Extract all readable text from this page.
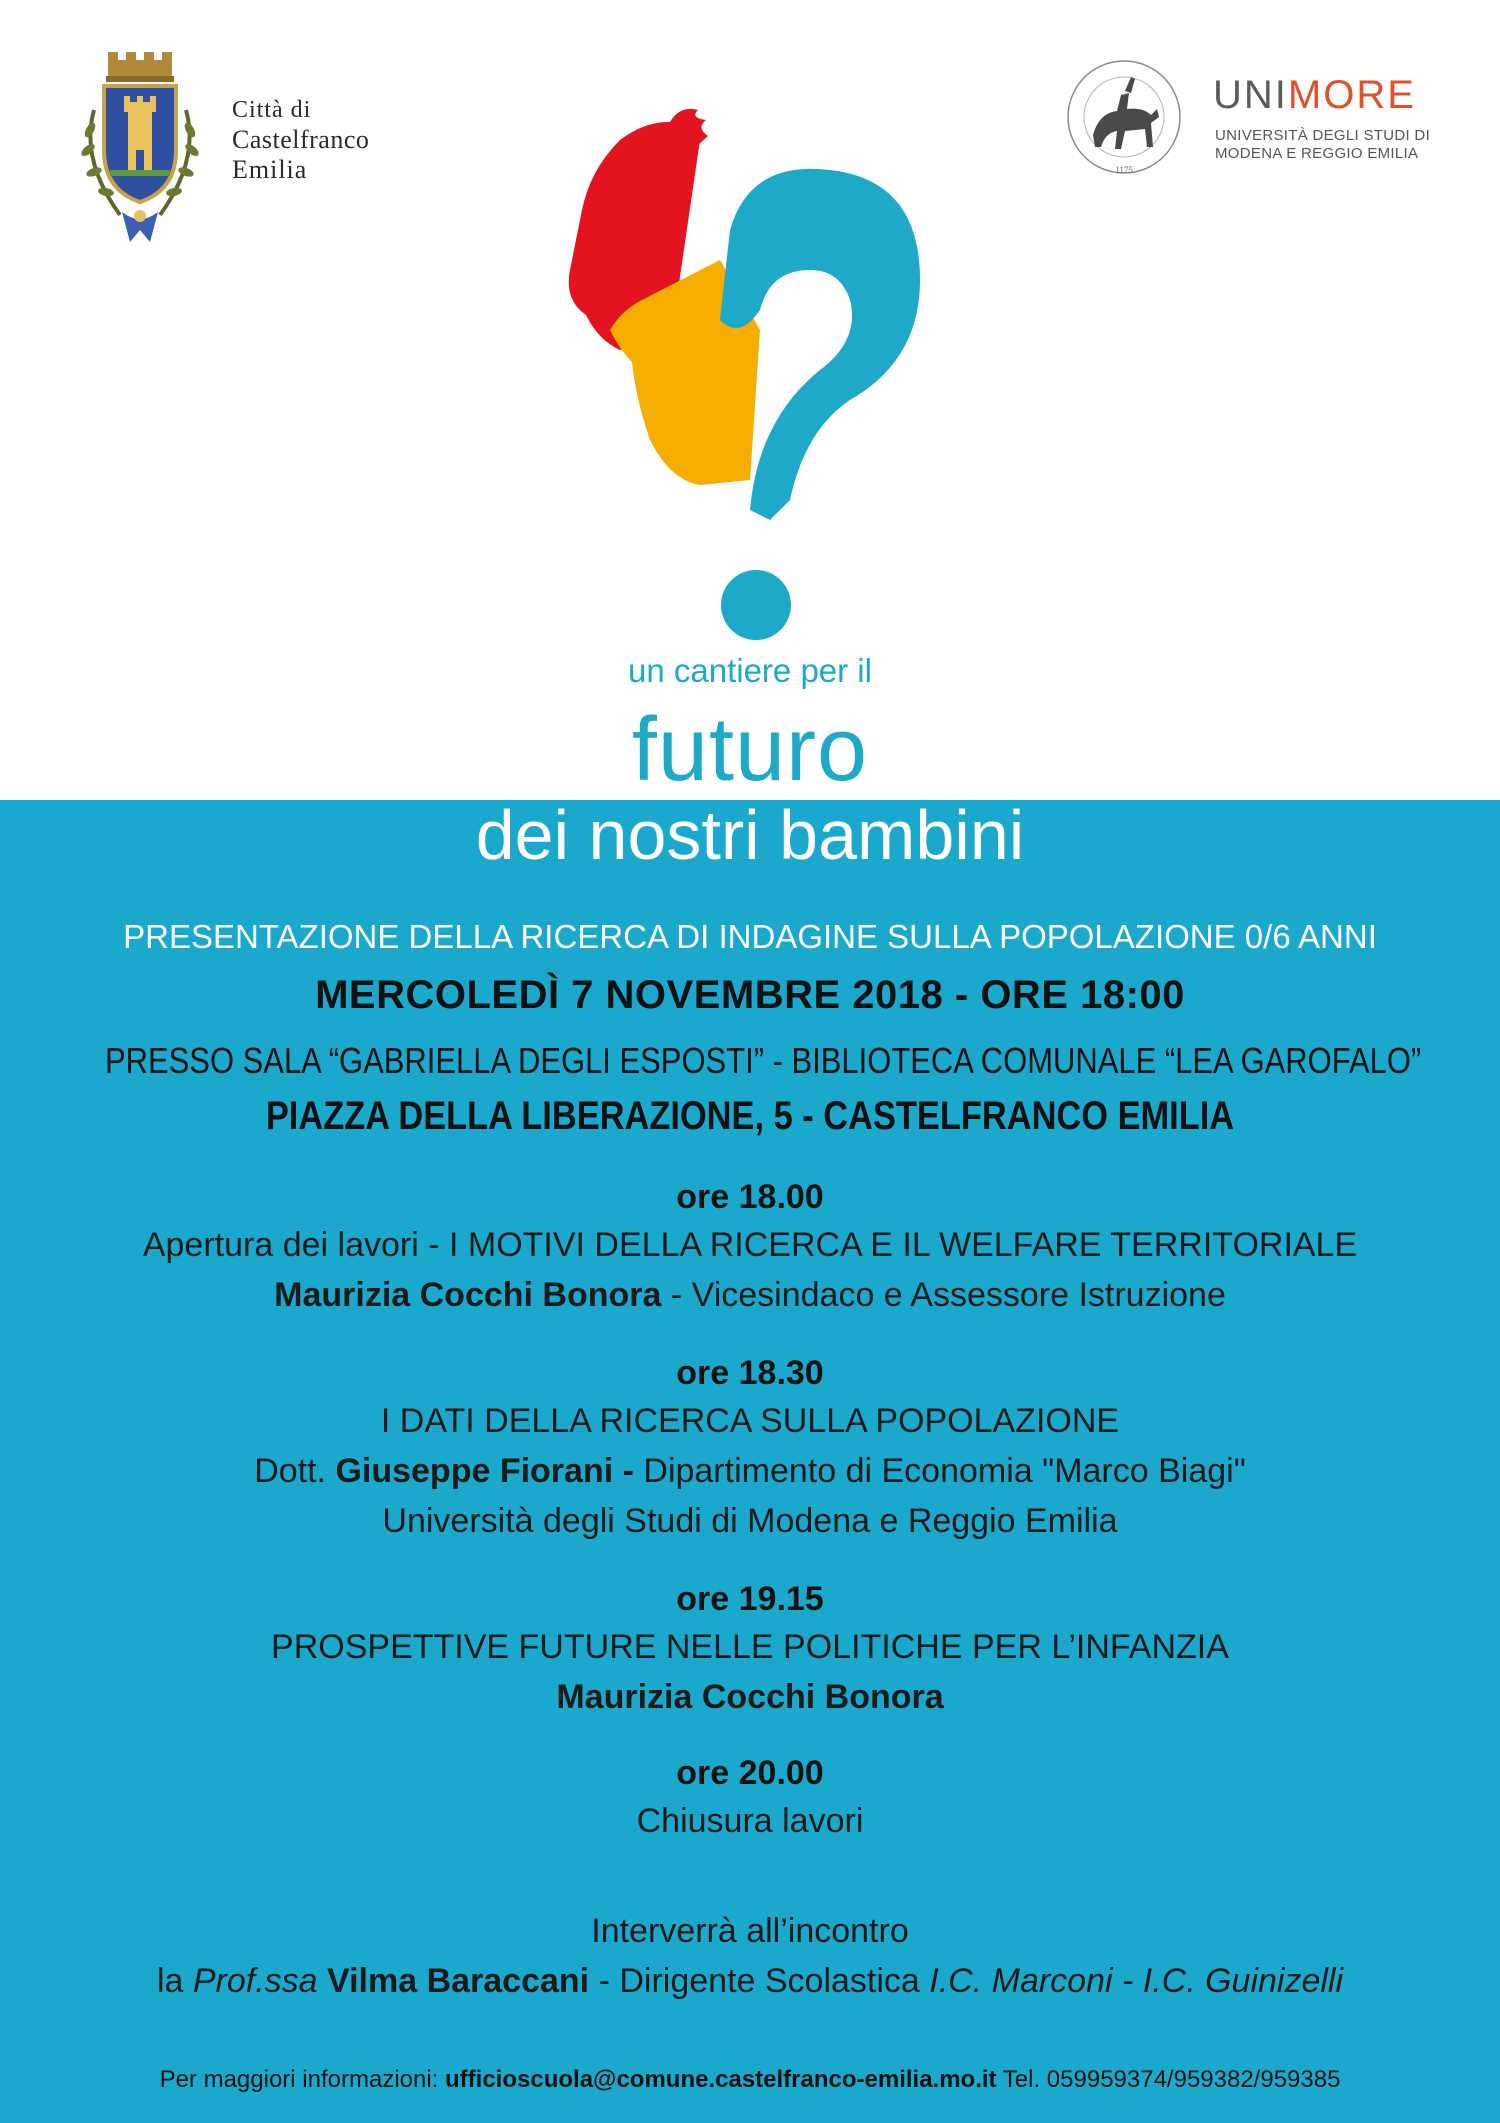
Città di
Castelfranco
Emilia	1175
UNIMORE
UNIVERSITÀ DEGLI STUDI DI
MODENA E REGGIO EMILIA
un cantiere per il
futuro
dei nostri bambini
PRESENTAZIONE DELLA RICERCA DI INDAGINE SULLA POPOLAZIONE 0/6 ANNI
MERCOLEDÌ 7 NOVEMBRE 2018 - ORE 18:00
PRESSO SALA “GABRIELLA DEGLI ESPOSTI” - BIBLIOTECA COMUNALE “LEA GAROFALO”
PIAZZA DELLA LIBERAZIONE, 5 - CASTELFRANCO EMILIA
ore 18.00
Apertura dei lavori - I MOTIVI DELLA RICERCA E IL WELFARE TERRITORIALE
Maurizia Cocchi Bonora - Vicesindaco e Assessore Istruzione
ore 18.30
I DATI DELLA RICERCA SULLA POPOLAZIONE
Dott. Giuseppe Fiorani - Dipartimento di Economia "Marco Biagi"
Università degli Studi di Modena e Reggio Emilia
ore 19.15
PROSPETTIVE FUTURE NELLE POLITICHE PER L’INFANZIA
Maurizia Cocchi Bonora
ore 20.00
Chiusura lavori
Interverrà all’incontro
la Prof.ssa Vilma Baraccani - Dirigente Scolastica I.C. Marconi - I.C. Guinizelli
Per maggiori informazioni: ufficioscuola@comune.castelfranco-emilia.mo.it Tel. 059959374/959382/959385
